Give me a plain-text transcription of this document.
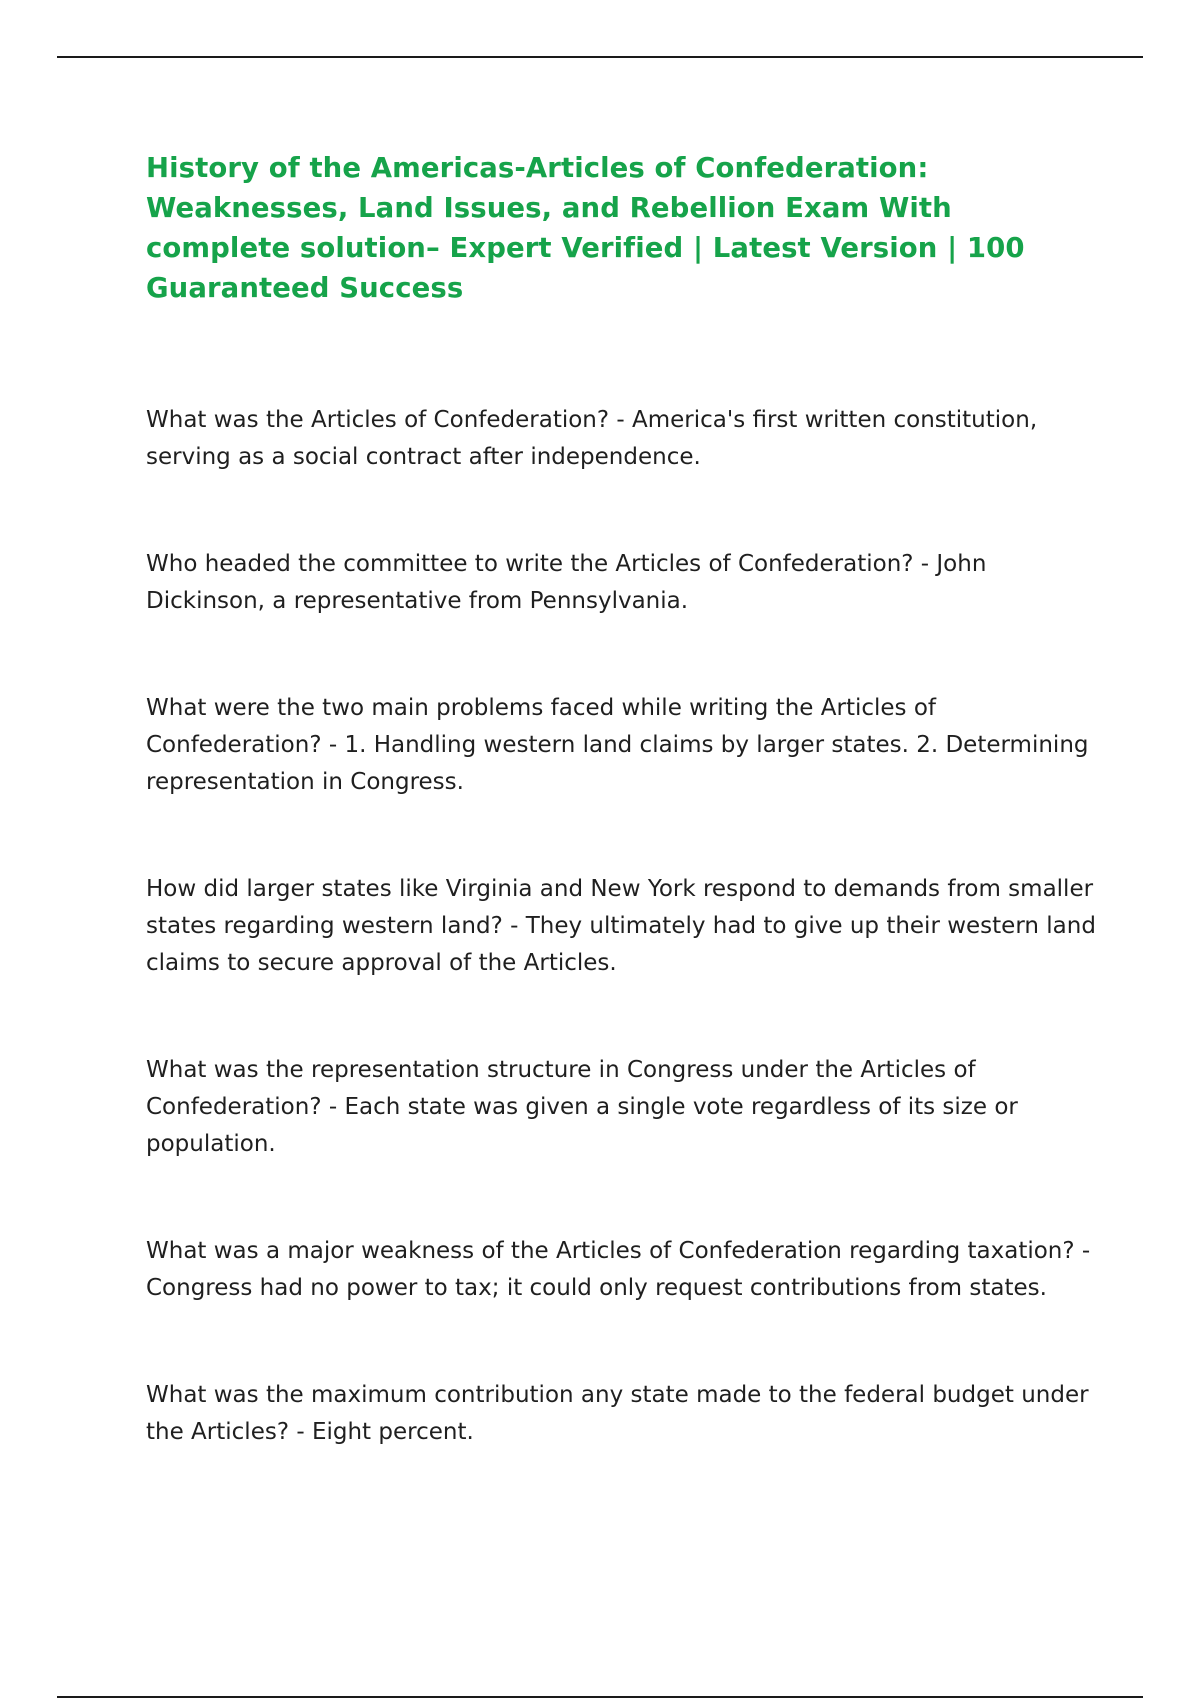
History of the Americas-Articles of Confederation: Weaknesses, Land Issues, and Rebellion Exam With complete solution– Expert Verified | Latest Version | 100 Guaranteed Success
What was the Articles of Confederation? - America's first written constitution, serving as a social contract after independence.
Who headed the committee to write the Articles of Confederation? - John Dickinson, a representative from Pennsylvania.
What were the two main problems faced while writing the Articles of Confederation? - 1. Handling western land claims by larger states. 2. Determining representation in Congress.
How did larger states like Virginia and New York respond to demands from smaller states regarding western land? - They ultimately had to give up their western land claims to secure approval of the Articles.
What was the representation structure in Congress under the Articles of Confederation? - Each state was given a single vote regardless of its size or population.
What was a major weakness of the Articles of Confederation regarding taxation? - Congress had no power to tax; it could only request contributions from states.
What was the maximum contribution any state made to the federal budget under the Articles? - Eight percent.
